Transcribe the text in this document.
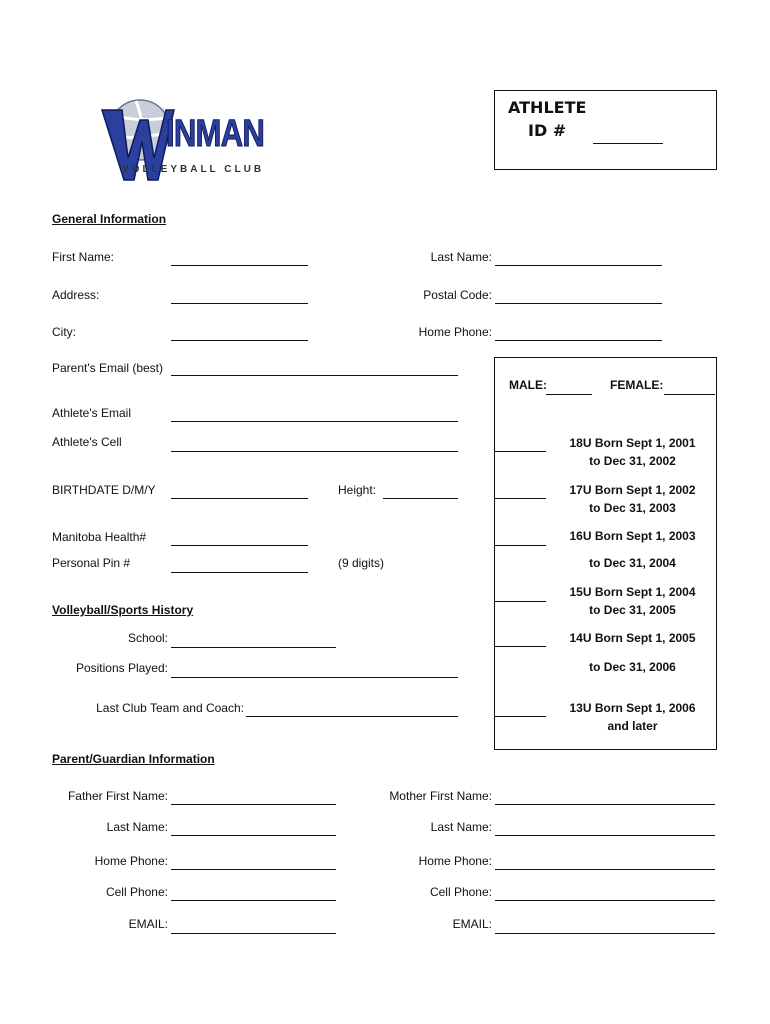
INMAN
VOLLEYBALL CLUB
ATHLETE
ID #
General Information
First Name:	Last Name:
Address:	Postal Code:
City:	Home Phone:
Parent's Email (best)
Athlete's Email
Athlete's Cell
BIRTHDATE D/M/Y	Height:
Manitoba Health#
Personal Pin #	(9 digits)
MALE:	FEMALE:
18U Born Sept 1, 2001
to Dec 31, 2002
17U Born Sept 1, 2002
to Dec 31, 2003
16U Born Sept 1, 2003
to Dec 31, 2004
15U Born Sept 1, 2004
to Dec 31, 2005
14U Born Sept 1, 2005
to Dec 31, 2006
13U Born Sept 1, 2006
and later
Volleyball/Sports History
School:
Positions Played:
Last Club Team and Coach:
Parent/Guardian Information
Father First Name:	Mother First Name:
Last Name:	Last Name:
Home Phone:	Home Phone:
Cell Phone:	Cell Phone:
EMAIL:	EMAIL:
